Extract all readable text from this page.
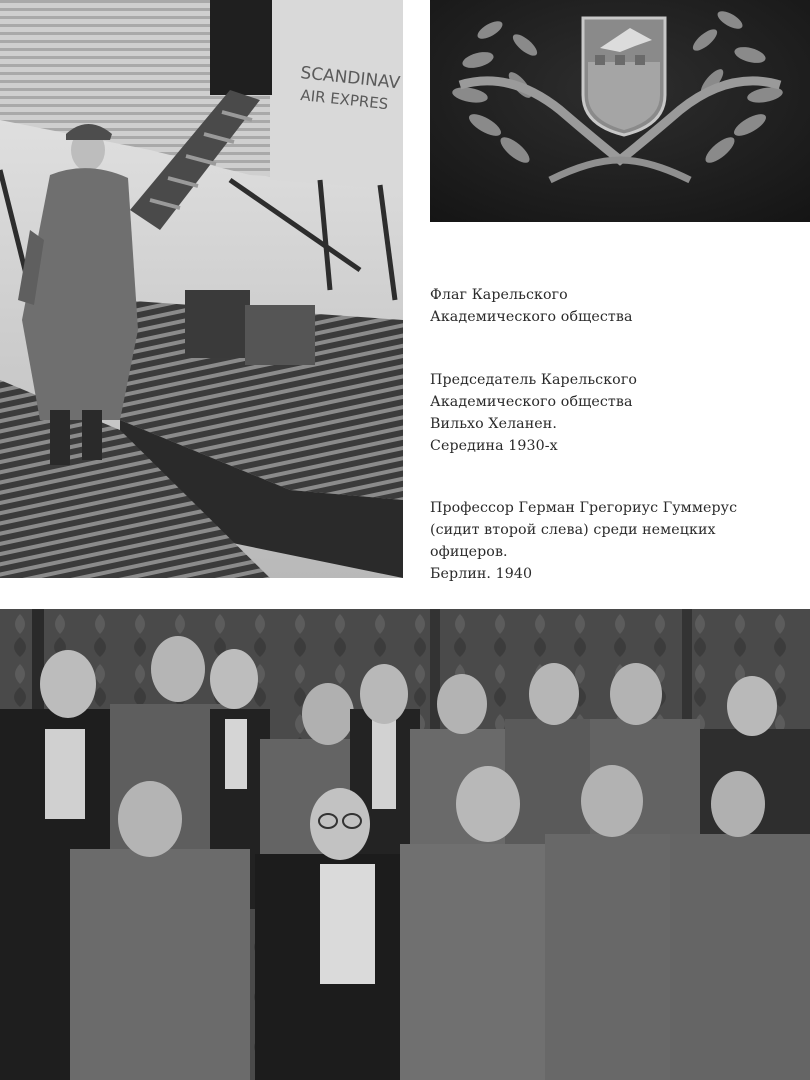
SCANDINAV
AIR EXPRES
Флаг Карельского
Академического общества
Председатель Карельского
Академического общества
Вильхо Хеланен.
Середина 1930-х
Профессор Герман Грегориус Гуммерус
(сидит второй слева) среди немецких
офицеров.
Берлин. 1940
